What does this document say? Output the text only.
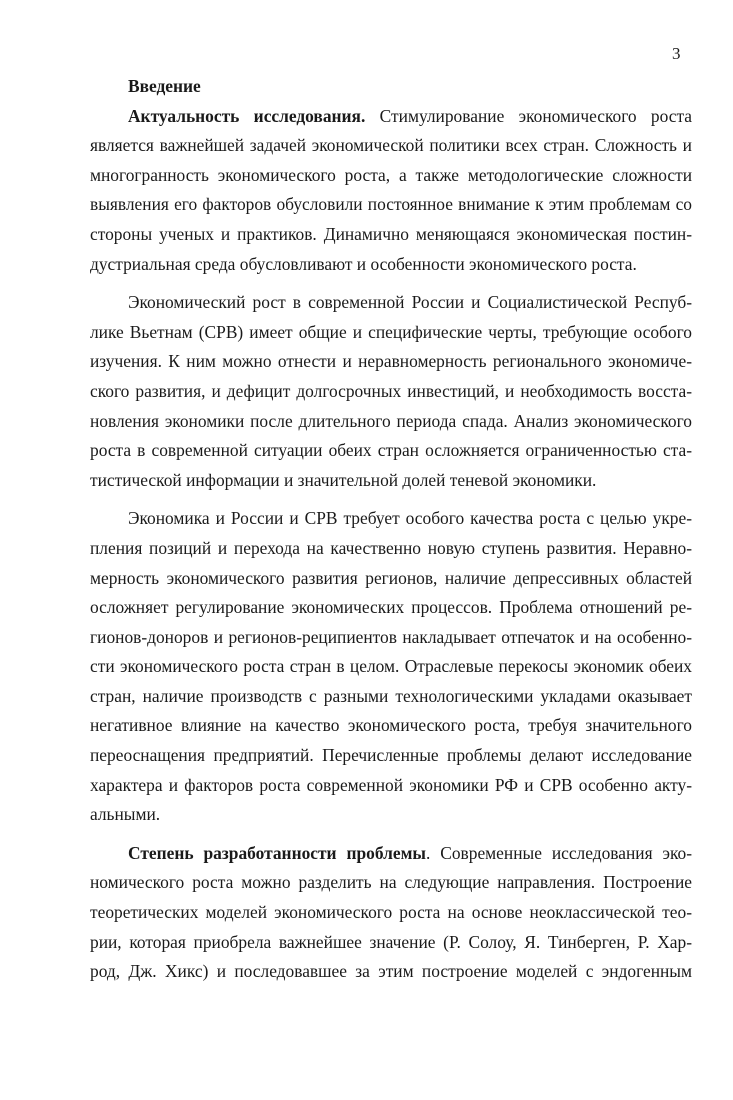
3
Введение
Актуальность исследования. Стимулирование экономического роста
является важнейшей задачей экономической политики всех стран. Сложность и
многогранность экономического роста, а также методологические сложности
выявления его факторов обусловили постоянное внимание к этим проблемам со
стороны ученых и практиков. Динамично меняющаяся экономическая постин-
дустриальная среда обусловливают и особенности экономического роста.
Экономический рост в современной России и Социалистической Респуб-
лике Вьетнам (СРВ) имеет общие и специфические черты, требующие особого
изучения. К ним можно отнести и неравномерность регионального экономиче-
ского развития, и дефицит долгосрочных инвестиций, и необходимость восста-
новления экономики после длительного периода спада. Анализ экономического
роста в современной ситуации обеих стран осложняется ограниченностью ста-
тистической информации и значительной долей теневой экономики.
Экономика и России и СРВ требует особого качества роста с целью укре-
пления позиций и перехода на качественно новую ступень развития. Неравно-
мерность экономического развития регионов, наличие депрессивных областей
осложняет регулирование экономических процессов. Проблема отношений ре-
гионов-доноров и регионов-реципиентов накладывает отпечаток и на особенно-
сти экономического роста стран в целом. Отраслевые перекосы экономик обеих
стран, наличие производств с разными технологическими укладами оказывает
негативное влияние на качество экономического роста, требуя значительного
переоснащения предприятий. Перечисленные проблемы делают исследование
характера и факторов роста современной экономики РФ и СРВ особенно акту-
альными.
Степень разработанности проблемы. Современные исследования эко-
номического роста можно разделить на следующие направления. Построение
теоретических моделей экономического роста на основе неоклассической тео-
рии, которая приобрела важнейшее значение (Р. Солоу, Я. Тинберген, Р. Хар-
род, Дж. Хикс) и последовавшее за этим построение моделей с эндогенным
